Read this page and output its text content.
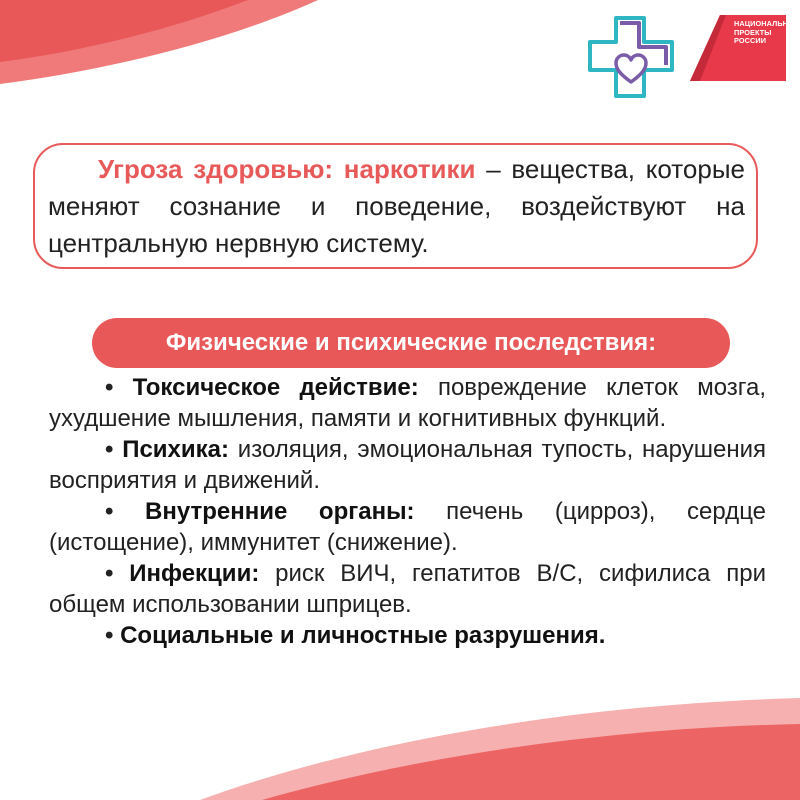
НАЦИОНАЛЬНЫЕ
ПРОЕКТЫ
РОССИИ

Угроза здоровью: наркотики – вещества, которые меняют сознание и поведение, воздействуют на центральную нервную систему.

Физические и психические последствия:

• Токсическое действие: повреждение клеток мозга, ухудшение мышления, памяти и когнитивных функций.

• Психика: изоляция, эмоциональная тупость, нарушения восприятия и движений.

• Внутренние органы: печень (цирроз), сердце (истощение), иммунитет (снижение).

• Инфекции: риск ВИЧ, гепатитов B/C, сифилиса при общем использовании шприцев.

• Социальные и личностные разрушения.
